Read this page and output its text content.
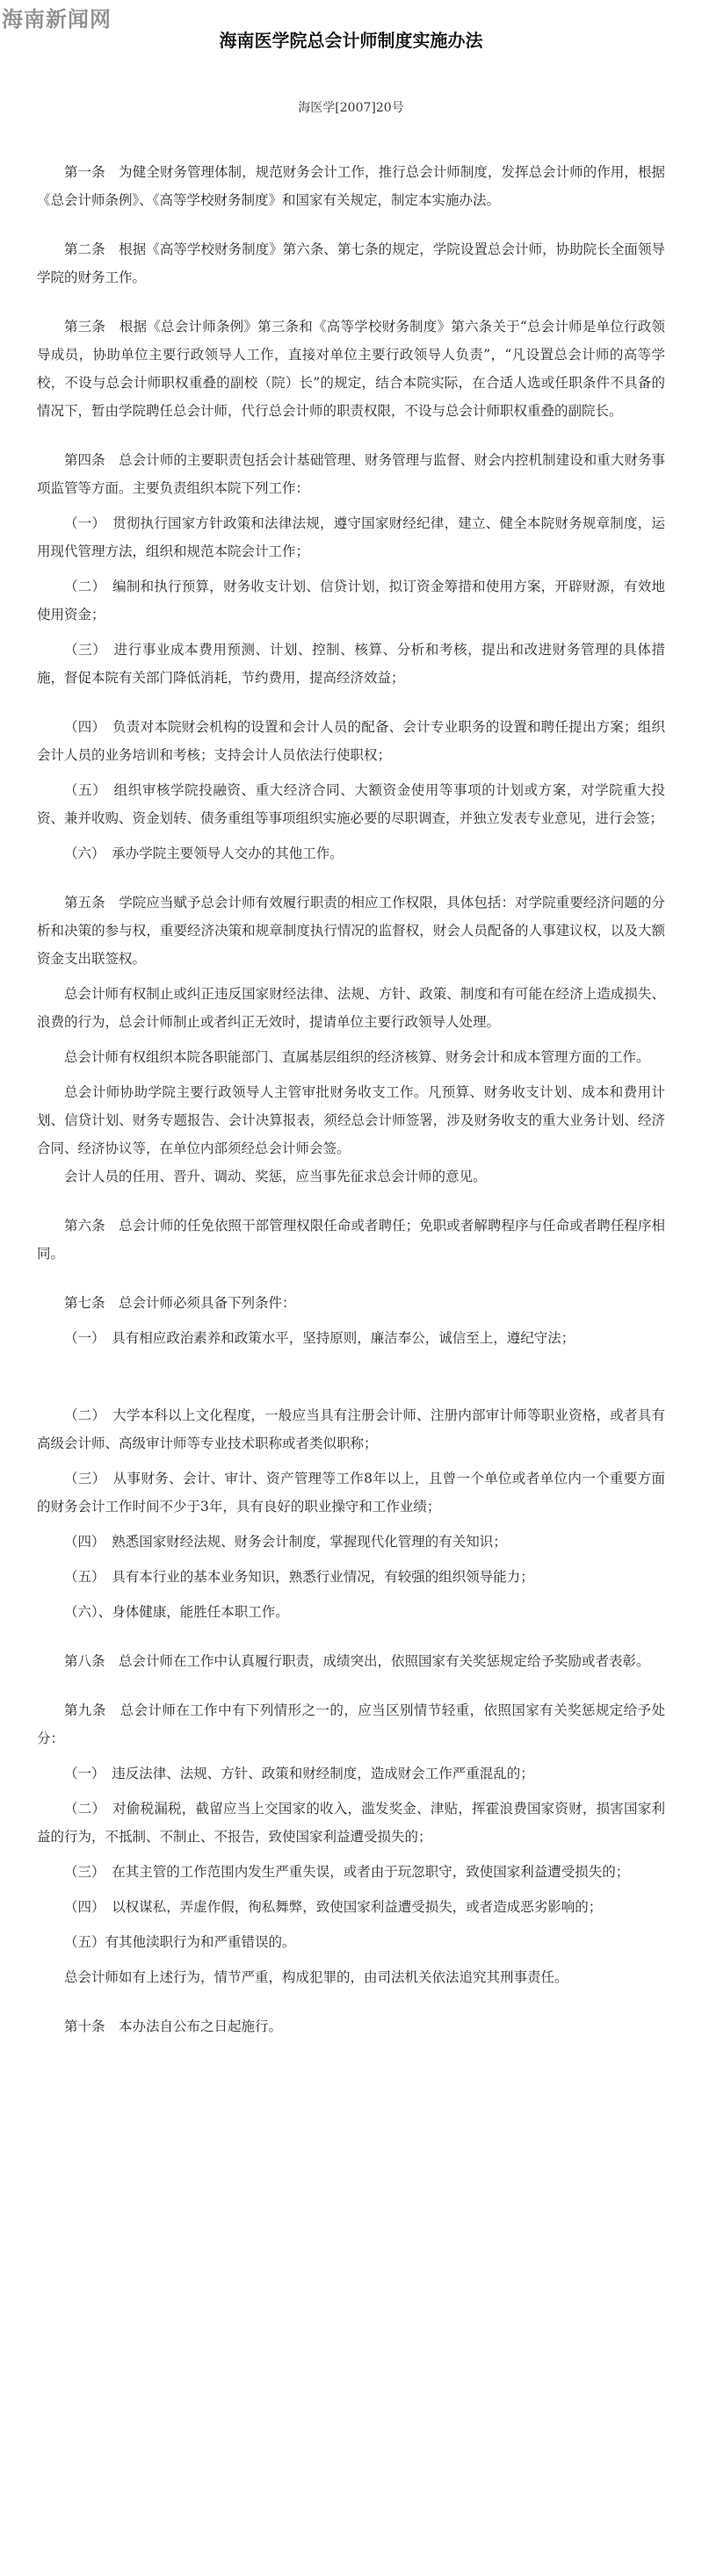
海南新闻网
海南医学院总会计师制度实施办法
海医学[2007]20号

第一条　为健全财务管理体制，规范财务会计工作，推行总会计师制度，发挥总会计师的作用，根据《总会计师条例》、《高等学校财务制度》和国家有关规定，制定本实施办法。

第二条　根据《高等学校财务制度》第六条、第七条的规定，学院设置总会计师，协助院长全面领导学院的财务工作。

第三条　根据《总会计师条例》第三条和《高等学校财务制度》第六条关于“总会计师是单位行政领导成员，协助单位主要行政领导人工作，直接对单位主要行政领导人负责”，“凡设置总会计师的高等学校，不设与总会计师职权重叠的副校（院）长”的规定，结合本院实际，在合适人选或任职条件不具备的情况下，暂由学院聘任总会计师，代行总会计师的职责权限，不设与总会计师职权重叠的副院长。

第四条　总会计师的主要职责包括会计基础管理、财务管理与监督、财会内控机制建设和重大财务事项监管等方面。主要负责组织本院下列工作：

（一）　贯彻执行国家方针政策和法律法规，遵守国家财经纪律，建立、健全本院财务规章制度，运用现代管理方法，组织和规范本院会计工作；

（二）　编制和执行预算，财务收支计划、信贷计划，拟订资金筹措和使用方案，开辟财源，有效地使用资金；

（三）　进行事业成本费用预测、计划、控制、核算、分析和考核，提出和改进财务管理的具体措施，督促本院有关部门降低消耗，节约费用，提高经济效益；

（四）　负责对本院财会机构的设置和会计人员的配备、会计专业职务的设置和聘任提出方案；组织会计人员的业务培训和考核；支持会计人员依法行使职权；

（五）　组织审核学院投融资、重大经济合同、大额资金使用等事项的计划或方案，对学院重大投资、兼并收购、资金划转、债务重组等事项组织实施必要的尽职调查，并独立发表专业意见，进行会签；

（六）　承办学院主要领导人交办的其他工作。

第五条　学院应当赋予总会计师有效履行职责的相应工作权限，具体包括：对学院重要经济问题的分析和决策的参与权，重要经济决策和规章制度执行情况的监督权，财会人员配备的人事建议权，以及大额资金支出联签权。

总会计师有权制止或纠正违反国家财经法律、法规、方针、政策、制度和有可能在经济上造成损失、浪费的行为，总会计师制止或者纠正无效时，提请单位主要行政领导人处理。

总会计师有权组织本院各职能部门、直属基层组织的经济核算、财务会计和成本管理方面的工作。

总会计师协助学院主要行政领导人主管审批财务收支工作。凡预算、财务收支计划、成本和费用计划、信贷计划、财务专题报告、会计决算报表，须经总会计师签署，涉及财务收支的重大业务计划、经济合同、经济协议等，在单位内部须经总会计师会签。

会计人员的任用、晋升、调动、奖惩，应当事先征求总会计师的意见。

第六条　总会计师的任免依照干部管理权限任命或者聘任；免职或者解聘程序与任命或者聘任程序相同。

第七条　总会计师必须具备下列条件：

（一）　具有相应政治素养和政策水平，坚持原则，廉洁奉公，诚信至上，遵纪守法；

（二）　大学本科以上文化程度，一般应当具有注册会计师、注册内部审计师等职业资格，或者具有高级会计师、高级审计师等专业技术职称或者类似职称；

（三）　从事财务、会计、审计、资产管理等工作8年以上，且曾一个单位或者单位内一个重要方面的财务会计工作时间不少于3年，具有良好的职业操守和工作业绩；

（四）　熟悉国家财经法规、财务会计制度，掌握现代化管理的有关知识；

（五）　具有本行业的基本业务知识，熟悉行业情况，有较强的组织领导能力；

（六）、身体健康，能胜任本职工作。

第八条　总会计师在工作中认真履行职责，成绩突出，依照国家有关奖惩规定给予奖励或者表彰。

第九条　总会计师在工作中有下列情形之一的，应当区别情节轻重，依照国家有关奖惩规定给予处分：

（一）　违反法律、法规、方针、政策和财经制度，造成财会工作严重混乱的；

（二）　对偷税漏税，截留应当上交国家的收入，滥发奖金、津贴，挥霍浪费国家资财，损害国家利益的行为，不抵制、不制止、不报告，致使国家利益遭受损失的；

（三）　在其主管的工作范围内发生严重失误，或者由于玩忽职守，致使国家利益遭受损失的；

（四）　以权谋私，弄虚作假，徇私舞弊，致使国家利益遭受损失，或者造成恶劣影响的；

（五）有其他渎职行为和严重错误的。

总会计师如有上述行为，情节严重，构成犯罪的，由司法机关依法追究其刑事责任。

第十条　本办法自公布之日起施行。
